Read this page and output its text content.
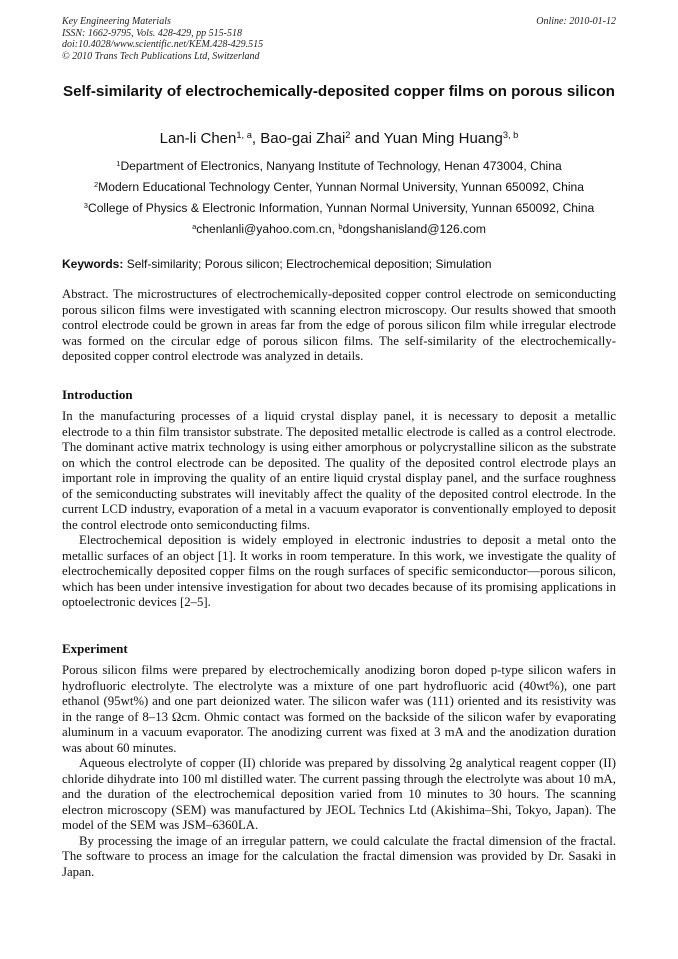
Key Engineering Materials
ISSN: 1662-9795, Vols. 428-429, pp 515-518
doi:10.4028/www.scientific.net/KEM.428-429.515
© 2010 Trans Tech Publications Ltd, Switzerland
Online: 2010-01-12
Self-similarity of electrochemically-deposited copper films on porous silicon
Lan-li Chen$^{1, a}$, Bao-gai Zhai$^2$ and Yuan Ming Huang$^{3, b}$
$^1$Department of Electronics, Nanyang Institute of Technology, Henan 473004, China
$^2$Modern Educational Technology Center, Yunnan Normal University, Yunnan 650092, China
$^3$College of Physics & Electronic Information, Yunnan Normal University, Yunnan 650092, China
$^a$chenlanli@yahoo.com.cn, $^b$dongshanisland@126.com
Keywords: Self-similarity; Porous silicon; Electrochemical deposition; Simulation
Abstract. The microstructures of electrochemically-deposited copper control electrode on semiconducting porous silicon films were investigated with scanning electron microscopy. Our results showed that smooth control electrode could be grown in areas far from the edge of porous silicon film while irregular electrode was formed on the circular edge of porous silicon films. The self-similarity of the electrochemically-deposited copper control electrode was analyzed in details.
Introduction

In the manufacturing processes of a liquid crystal display panel, it is necessary to deposit a metallic electrode to a thin film transistor substrate. The deposited metallic electrode is called as a control electrode. The dominant active matrix technology is using either amorphous or polycrystalline silicon as the substrate on which the control electrode can be deposited. The quality of the deposited control electrode plays an important role in improving the quality of an entire liquid crystal display panel, and the surface roughness of the semiconducting substrates will inevitably affect the quality of the deposited control electrode. In the current LCD industry, evaporation of a metal in a vacuum evaporator is conventionally employed to deposit the control electrode onto semiconducting films.

Electrochemical deposition is widely employed in electronic industries to deposit a metal onto the metallic surfaces of an object [1]. It works in room temperature. In this work, we investigate the quality of electrochemically deposited copper films on the rough surfaces of specific semiconductor—porous silicon, which has been under intensive investigation for about two decades because of its promising applications in optoelectronic devices [2–5].

Experiment

Porous silicon films were prepared by electrochemically anodizing boron doped p-type silicon wafers in hydrofluoric electrolyte. The electrolyte was a mixture of one part hydrofluoric acid (40wt%), one part ethanol (95wt%) and one part deionized water. The silicon wafer was (111) oriented and its resistivity was in the range of 8–13 Ωcm. Ohmic contact was formed on the backside of the silicon wafer by evaporating aluminum in a vacuum evaporator. The anodizing current was fixed at 3 mA and the anodization duration was about 60 minutes.

Aqueous electrolyte of copper (II) chloride was prepared by dissolving 2g analytical reagent copper (II) chloride dihydrate into 100 ml distilled water. The current passing through the electrolyte was about 10 mA, and the duration of the electrochemical deposition varied from 10 minutes to 30 hours. The scanning electron microscopy (SEM) was manufactured by JEOL Technics Ltd (Akishima–Shi, Tokyo, Japan). The model of the SEM was JSM–6360LA.

By processing the image of an irregular pattern, we could calculate the fractal dimension of the fractal. The software to process an image for the calculation the fractal dimension was provided by Dr. Sasaki in Japan.
